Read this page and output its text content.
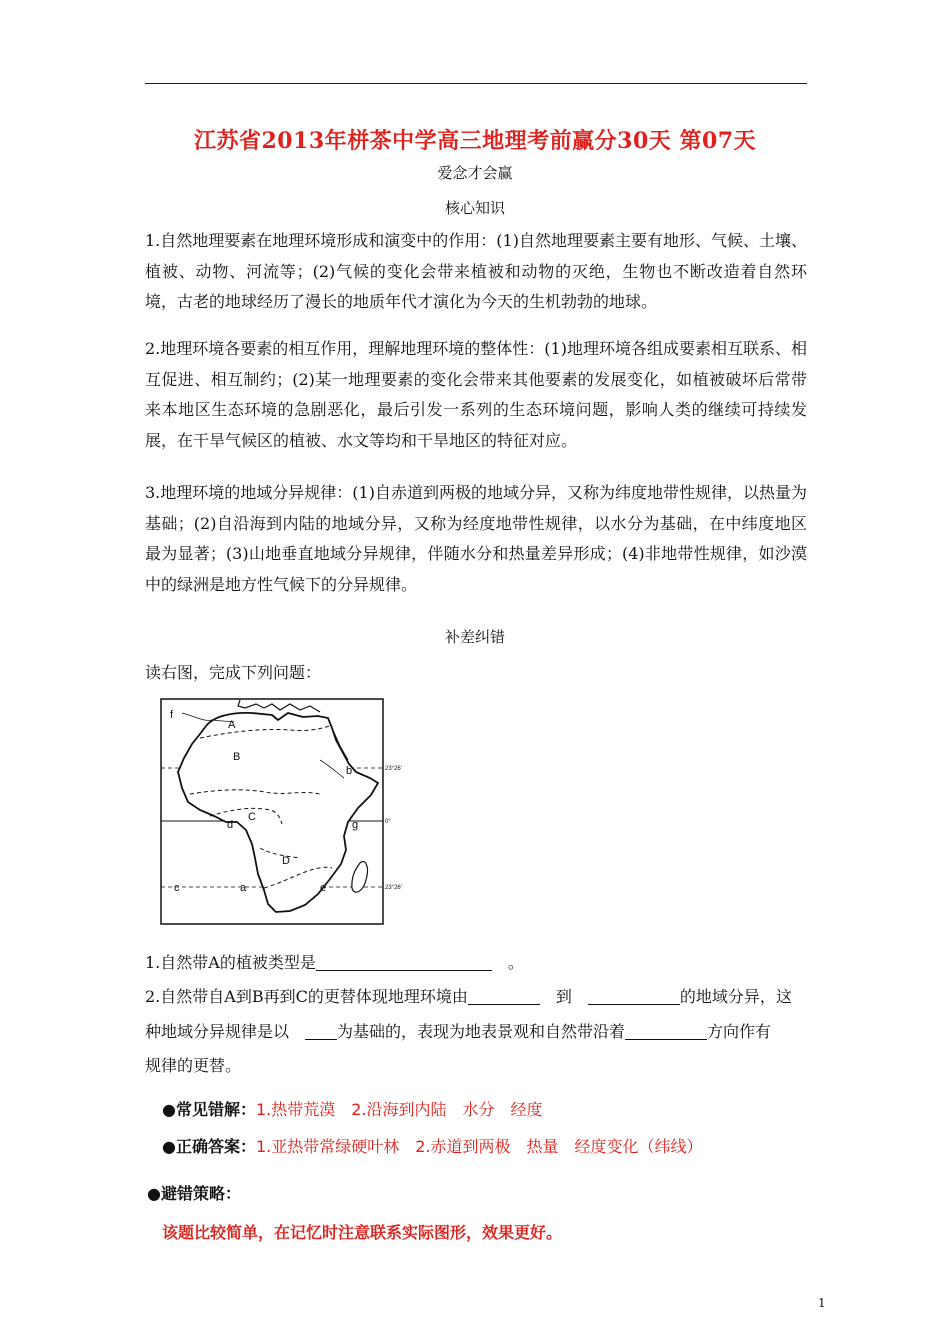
江苏省2013年栟茶中学高三地理考前赢分30天 第07天
爱念才会赢
核心知识
1.自然地理要素在地理环境形成和演变中的作用：(1)自然地理要素主要有地形、气候、土壤、植被、动物、河流等；(2)气候的变化会带来植被和动物的灭绝，生物也不断改造着自然环境，古老的地球经历了漫长的地质年代才演化为今天的生机勃勃的地球。
2.地理环境各要素的相互作用，理解地理环境的整体性：(1)地理环境各组成要素相互联系、相互促进、相互制约；(2)某一地理要素的变化会带来其他要素的发展变化，如植被破坏后常带来本地区生态环境的急剧恶化，最后引发一系列的生态环境问题，影响人类的继续可持续发展，在干旱气候区的植被、水文等均和干旱地区的特征对应。
3.地理环境的地域分异规律：(1)自赤道到两极的地域分异，又称为纬度地带性规律，以热量为基础；(2)自沿海到内陆的地域分异，又称为经度地带性规律，以水分为基础，在中纬度地区最为显著；(3)山地垂直地域分异规律，伴随水分和热量差异形成；(4)非地带性规律，如沙漠中的绿洲是地方性气候下的分异规律。
补差纠错
读右图，完成下列问题：
f
A
B
b
C
d	g
D
c	a	e
23°26'
0°
23°26'
1.自然带A的植被类型是　	。
2.自然带自A到B再到C的更替体现地理环境由　	到　	的地域分异，这
种地域分异规律是以　	为基础的，表现为地表景观和自然带沿着	方向作有
规律的更替。
●常见错解：1.热带荒漠　2.沿海到内陆　水分　经度
●正确答案：1.亚热带常绿硬叶林　2.赤道到两极　热量　经度变化（纬线）
●避错策略：
该题比较简单，在记忆时注意联系实际图形，效果更好。
1
